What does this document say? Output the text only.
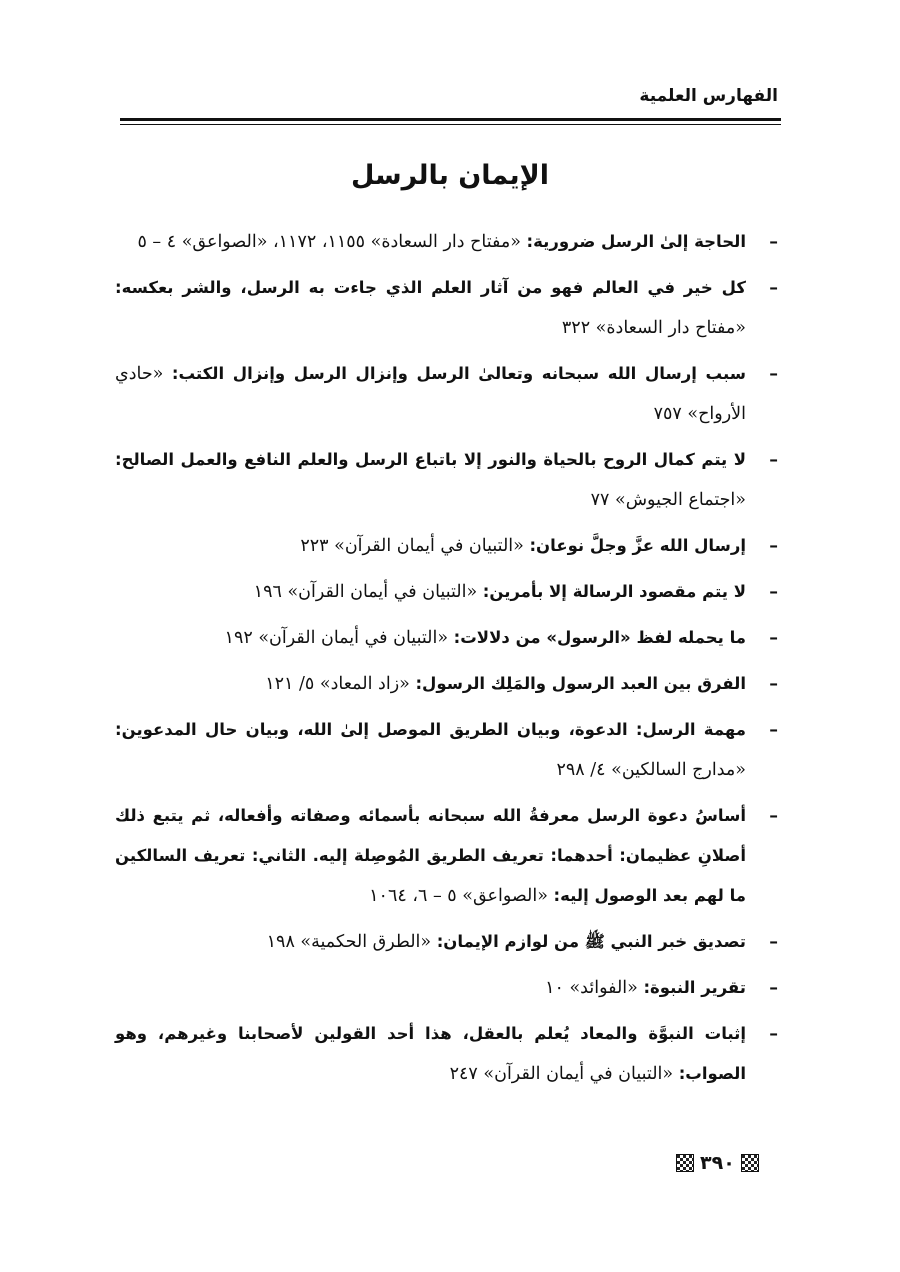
الفهارس العلمية
الإيمان بالرسل
–
الحاجة إلىٰ الرسل ضرورية: «مفتاح دار السعادة» ١١٥٥، ١١٧٢، «الصواعق» ٤ – ٥
–
كل خير في العالم فهو من آثار العلم الذي جاءت به الرسل، والشر بعكسه: «مفتاح دار السعادة» ٣٢٢
–
سبب إرسال الله سبحانه وتعالىٰ الرسل وإنزال الرسل وإنزال الكتب: «حادي الأرواح» ٧٥٧
–
لا يتم كمال الروح بالحياة والنور إلا باتباع الرسل والعلم النافع والعمل الصالح: «اجتماع الجيوش» ٧٧
–
إرسال الله عزَّ وجلَّ نوعان: «التبيان في أيمان القرآن» ٢٢٣
–
لا يتم مقصود الرسالة إلا بأمرين: «التبيان في أيمان القرآن» ١٩٦
–
ما يحمله لفظ «الرسول» من دلالات: «التبيان في أيمان القرآن» ١٩٢
–
الفرق بين العبد الرسول والمَلِك الرسول: «زاد المعاد» ٥/ ١٢١
–
مهمة الرسل: الدعوة، وبيان الطريق الموصل إلىٰ الله، وبيان حال المدعوين: «مدارج السالكين» ٤/ ٢٩٨
–
أساسُ دعوة الرسل معرفةُ الله سبحانه بأسمائه وصفاته وأفعاله، ثم يتبع ذلك أصلانِ عظيمان: أحدهما: تعريف الطريق المُوصِلة إليه. الثاني: تعريف السالكين ما لهم بعد الوصول إليه: «الصواعق» ٥ – ٦، ١٠٦٤
–
تصديق خبر النبي ﷺ من لوازم الإيمان: «الطرق الحكمية» ١٩٨
–
تقرير النبوة: «الفوائد» ١٠
–
إثبات النبوَّة والمعاد يُعلم بالعقل، هذا أحد القولين لأصحابنا وغيرهم، وهو الصواب: «التبيان في أيمان القرآن» ٢٤٧
٣٩٠
